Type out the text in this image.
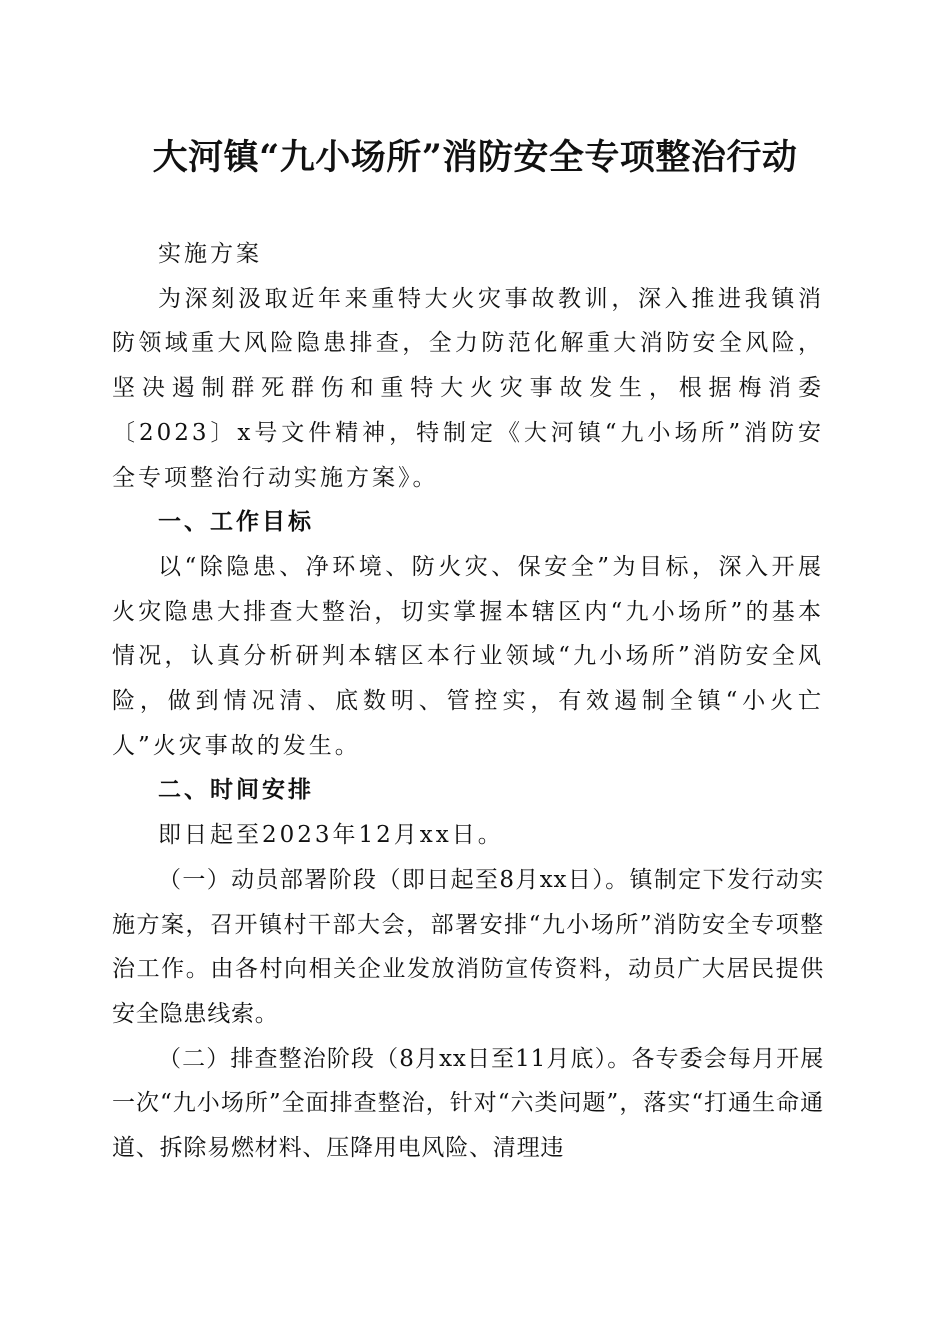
大河镇“九小场所”消防安全专项整治行动

实施方案

为深刻汲取近年来重特大火灾事故教训，深入推进我镇消防领域重大风险隐患排查，全力防范化解重大消防安全风险，坚决遏制群死群伤和重特大火灾事故发生，根据梅消委〔2023〕x号文件精神，特制定《大河镇“九小场所”消防安全专项整治行动实施方案》。

一、工作目标

以“除隐患、净环境、防火灾、保安全”为目标，深入开展火灾隐患大排查大整治，切实掌握本辖区内“九小场所”的基本情况，认真分析研判本辖区本行业领域“九小场所”消防安全风险，做到情况清、底数明、管控实，有效遏制全镇“小火亡人”火灾事故的发生。

二、时间安排

即日起至2023年12月xx日。

（一）动员部署阶段（即日起至8月xx日）。镇制定下发行动实施方案，召开镇村干部大会，部署安排“九小场所”消防安全专项整治工作。由各村向相关企业发放消防宣传资料，动员广大居民提供安全隐患线索。

（二）排查整治阶段（8月xx日至11月底）。各专委会每月开展一次“九小场所”全面排查整治，针对“六类问题”，落实“打通生命通道、拆除易燃材料、压降用电风险、清理违
